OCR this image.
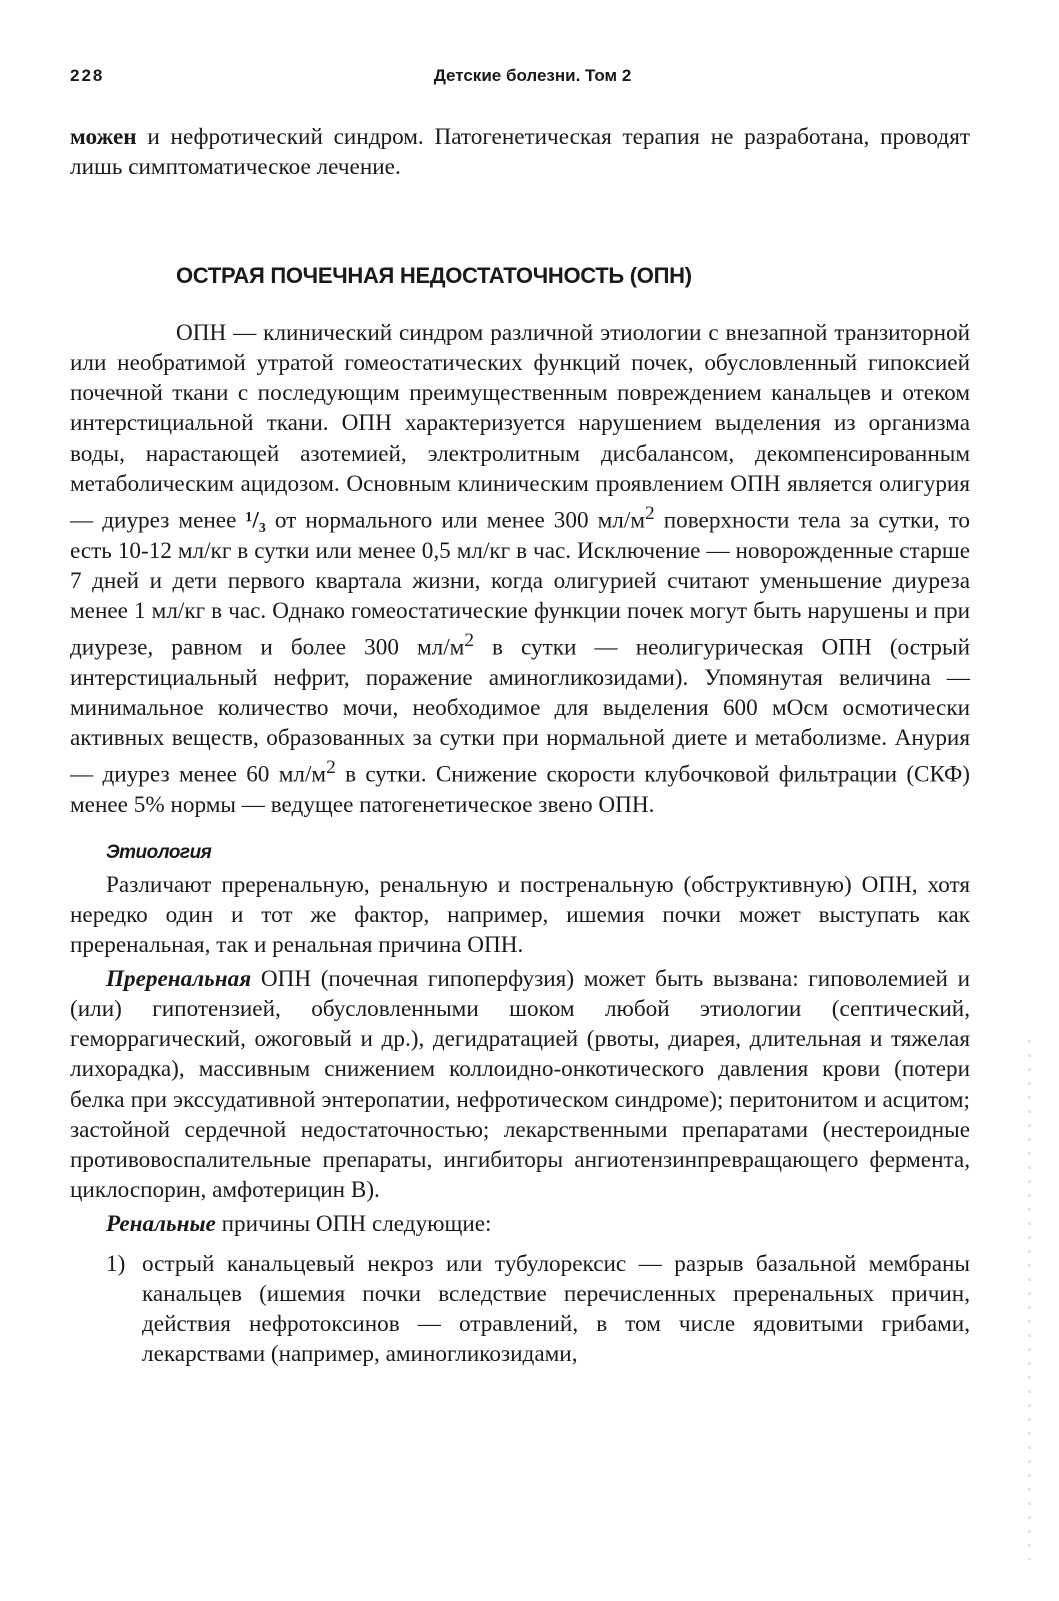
228	Детские болезни. Том 2

можен и нефротический синдром. Патогенетическая терапия не разработана, проводят лишь симптоматическое лечение.

ОСТРАЯ ПОЧЕЧНАЯ НЕДОСТАТОЧНОСТЬ (ОПН)

ОПН — клинический синдром различной этиологии с внезапной транзиторной или необратимой утратой гомеостатических функций почек, обусловленный гипоксией почечной ткани с последующим преимущественным повреждением канальцев и отеком интерстициальной ткани. ОПН характеризуется нарушением выделения из организма воды, нарастающей азотемией, электролитным дисбалансом, декомпенсированным метаболическим ацидозом. Основным клиническим проявлением ОПН является олигурия — диурез менее ¹/₃ от нормального или менее 300 $мл/м^2$ поверхности тела за сутки, то есть 10-12 мл/кг в сутки или менее 0,5 мл/кг в час. Исключение — новорожденные старше 7 дней и дети первого квартала жизни, когда олигурией считают уменьшение диуреза менее 1 мл/кг в час. Однако гомеостатические функции почек могут быть нарушены и при диурезе, равном и более 300 $мл/м^2$ в сутки — неолигурическая ОПН (острый интерстициальный нефрит, поражение аминогликозидами). Упомянутая величина — минимальное количество мочи, необходимое для выделения 600 мОсм осмотически активных веществ, образованных за сутки при нормальной диете и метаболизме. Анурия — диурез менее 60 $мл/м^2$ в сутки. Снижение скорости клубочковой фильтрации (СКФ) менее 5% нормы — ведущее патогенетическое звено ОПН.

Этиология

Различают преренальную, ренальную и постренальную (обструктивную) ОПН, хотя нередко один и тот же фактор, например, ишемия почки может выступать как преренальная, так и ренальная причина ОПН.

Преренальная ОПН (почечная гипоперфузия) может быть вызвана: гиповолемией и (или) гипотензией, обусловленными шоком любой этиологии (септический, геморрагический, ожоговый и др.), дегидратацией (рвоты, диарея, длительная и тяжелая лихорадка), массивным снижением коллоидно-онкотического давления крови (потери белка при экссудативной энтеропатии, нефротическом синдроме); перитонитом и асцитом; застойной сердечной недостаточностью; лекарственными препаратами (нестероидные противовоспалительные препараты, ингибиторы ангиотензинпревращающего фермента, циклоспорин, амфотерицин В).

Ренальные причины ОПН следующие:

1) острый канальцевый некроз или тубулорексис — разрыв базальной мембраны канальцев (ишемия почки вследствие перечисленных преренальных причин, действия нефротоксинов — отравлений, в том числе ядовитыми грибами, лекарствами (например, аминогликозидами,
